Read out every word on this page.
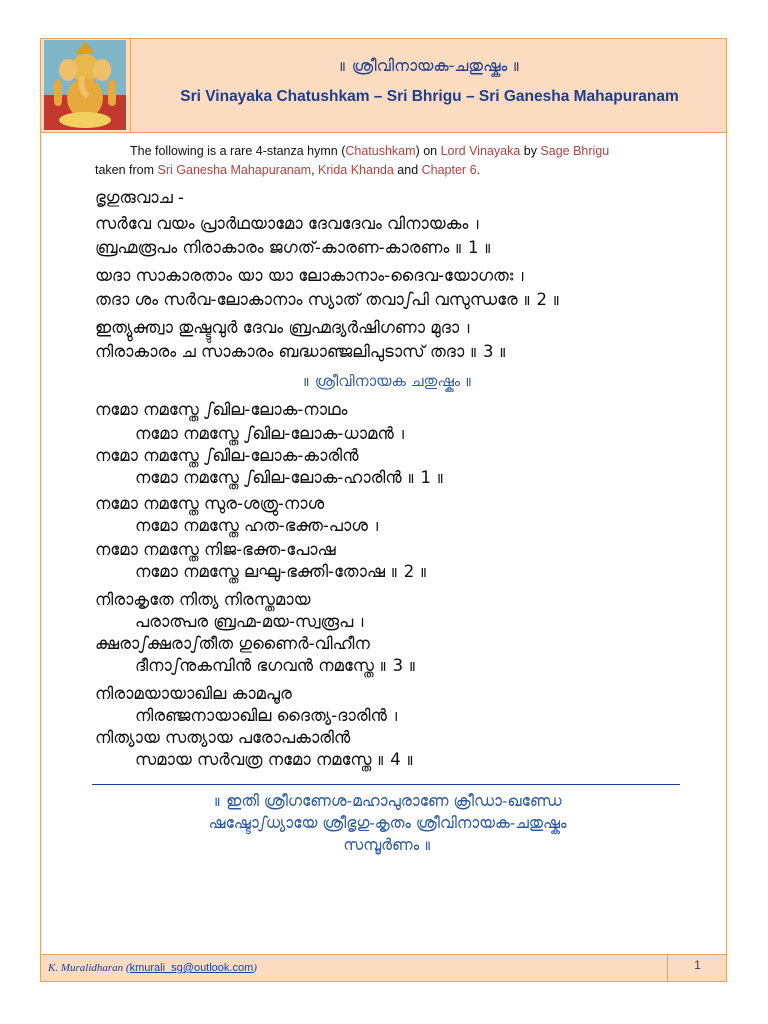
॥ ശ്രീവിനായക-ചതുഷ്കം ॥
Sri Vinayaka Chatushkam – Sri Bhrigu – Sri Ganesha Mahapuranam
The following is a rare 4-stanza hymn (Chatushkam) on Lord Vinayaka by Sage Bhrigu
taken from Sri Ganesha Mahapuranam, Krida Khanda and Chapter 6.
ഭൃഗുരുവാച -
സർവേ വയം പ്രാർഥയാമോ ദേവദേവം വിനായകം ।
ബ്രഹ്മരൂപം നിരാകാരം ജഗത്-കാരണ-കാരണം ॥ 1 ॥
യദാ സാകാരതാം യാ യാ ലോകാനാം-ദൈവ-യോഗതഃ ।
തദാ ശം സർവ-ലോകാനാം സ്യാത് തവാഽപി വസുന്ധരേ ॥ 2 ॥
ഇത്യുക്ത്വാ തുഷ്ടുവുർ ദേവം ബ്രഹ്മദ്യർഷിഗണാ മുദാ ।
നിരാകാരം ച സാകാരം ബദ്ധാഞ്ജലിപുടാസ് തദാ ॥ 3 ॥
॥ ശ്രീവിനായക ചതുഷ്കം ॥
നമോ നമസ്തേ ഽഖില-ലോക-നാഥം
നമോ നമസ്തേ ഽഖില-ലോക-ധാമൻ ।
നമോ നമസ്തേ ഽഖില-ലോക-കാരിൻ
നമോ നമസ്തേ ഽഖില-ലോക-ഹാരിൻ ॥ 1 ॥
നമോ നമസ്തേ സുര-ശത്രു-നാശ
നമോ നമസ്തേ ഹത-ഭക്ത-പാശ ।
നമോ നമസ്തേ നിജ-ഭക്ത-പോഷ
നമോ നമസ്തേ ലഘു-ഭക്തി-തോഷ ॥ 2 ॥
നിരാകൃതേ നിത്യ നിരസ്തമായ
പരാത്പര ബ്രഹ്മ-മയ-സ്വരൂപ ।
ക്ഷരാഽക്ഷരാഽതീത ഗുണൈർ-വിഹീന
ദീനാഽനുകമ്പിൻ ഭഗവൻ നമസ്തേ ॥ 3 ॥
നിരാമയായാഖില കാമപൂര
നിരഞ്ജനായാഖില ദൈത്യ-ദാരിൻ ।
നിത്യായ സത്യായ പരോപകാരിൻ
സമായ സർവത്ര നമോ നമസ്തേ ॥ 4 ॥
॥ ഇതി ശ്രീഗണേശ-മഹാപുരാണേ ക്രീഡാ-ഖണ്ഡേ
ഷഷ്ടോഽധ്യായേ ശ്രീഭൃഗു-കൃതം ശ്രീവിനായക-ചതുഷ്കം
സമ്പൂർണം ॥
K. Muralidharan (kmurali_sg@outlook.com)	1
